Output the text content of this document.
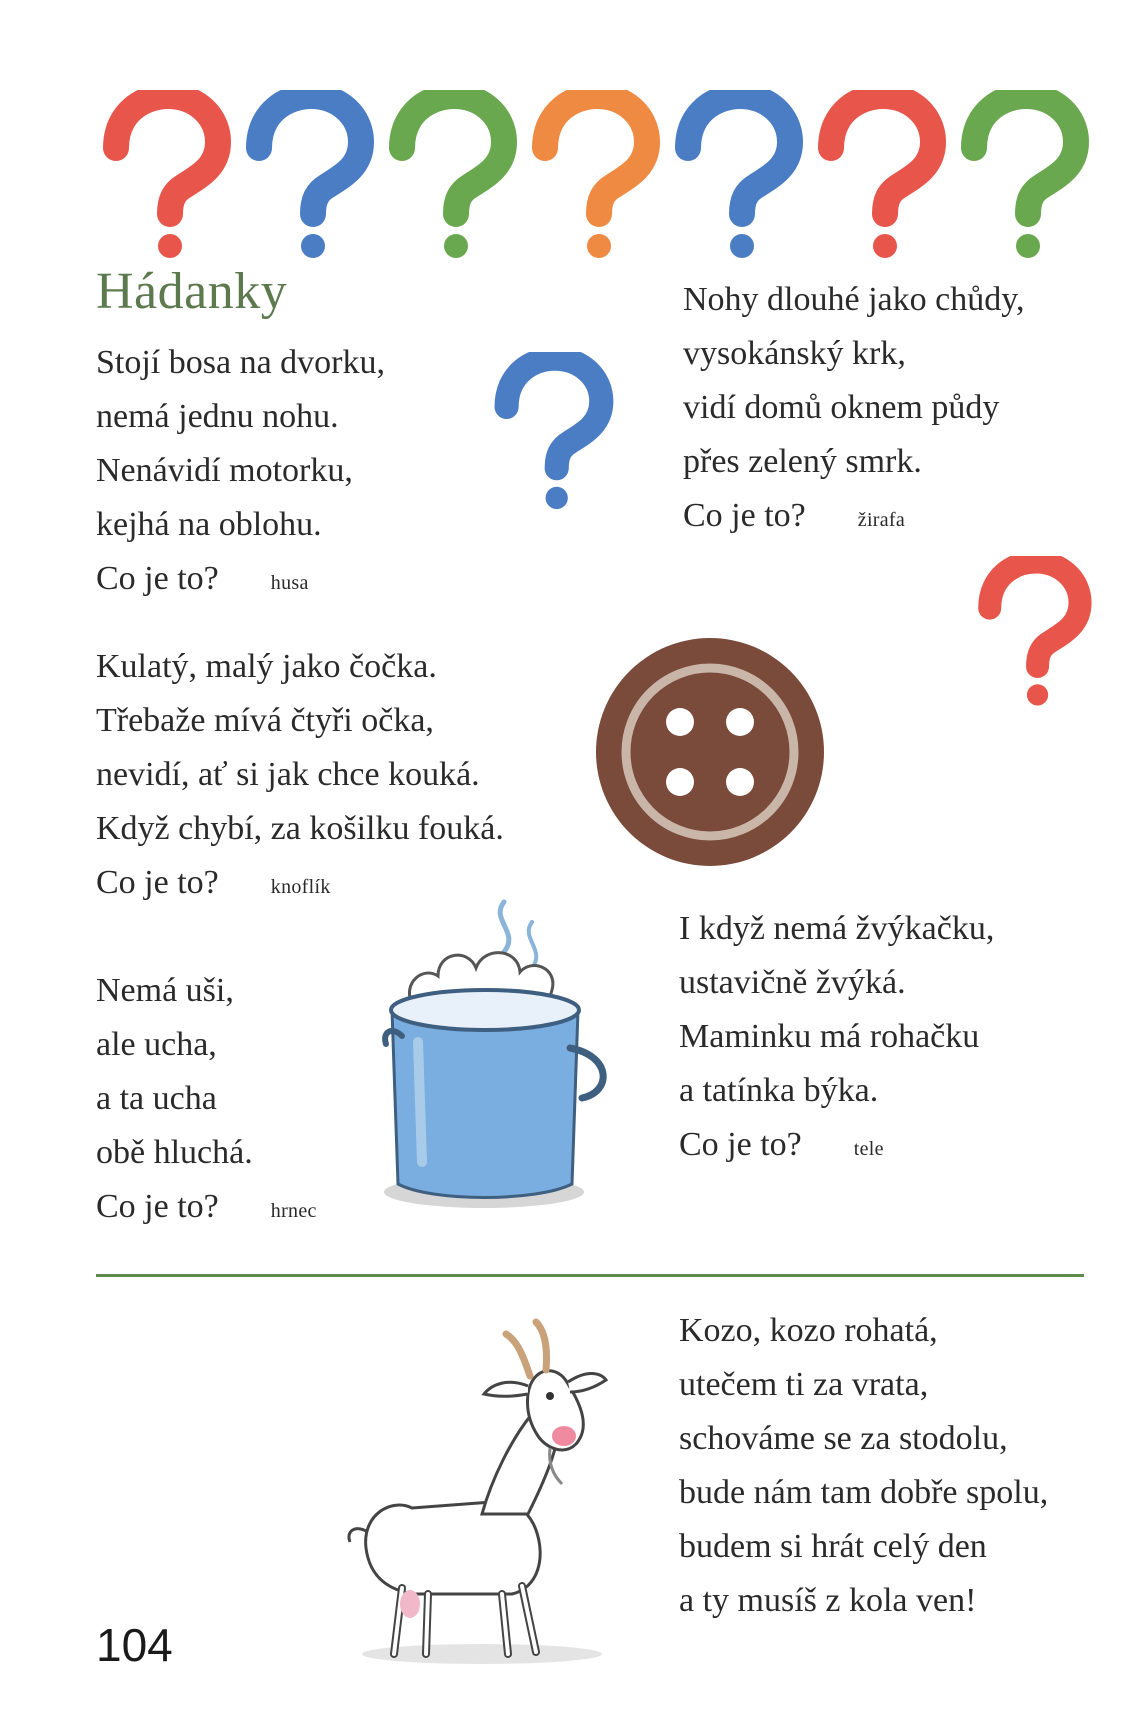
Hádanky
Stojí bosa na dvorku,
nemá jednu nohu.
Nenávidí motorku,
kejhá na oblohu.
Co je to?	husa
Nohy dlouhé jako chůdy,
vysokánský krk,
vidí domů oknem půdy
přes zelený smrk.
Co je to?	žirafa
Kulatý, malý jako čočka.
Třebaže mívá čtyři očka,
nevidí, ať si jak chce kouká.
Když chybí, za košilku fouká.
Co je to?	knoflík
Nemá uši,
ale ucha,
a ta ucha
obě hluchá.
Co je to?	hrnec
I když nemá žvýkačku,
ustavičně žvýká.
Maminku má rohačku
a tatínka býka.
Co je to?	tele
Kozo, kozo rohatá,
utečem ti za vrata,
schováme se za stodolu,
bude nám tam dobře spolu,
budem si hrát celý den
a ty musíš z kola ven!
104
